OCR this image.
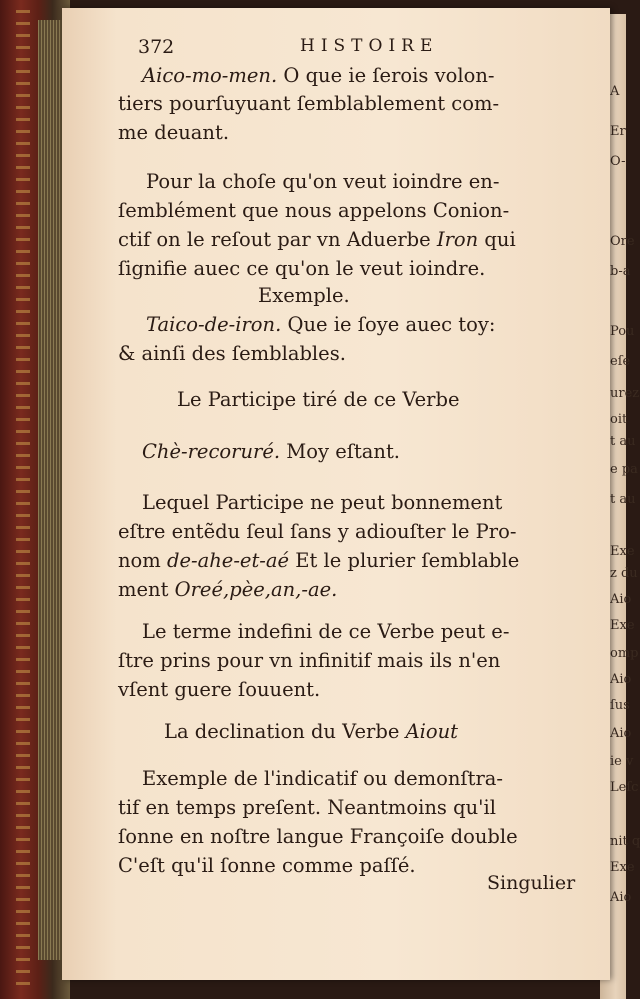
A
Er
O-
Ore
b-a
Pou
eſe
urez
oit
t au
e pa
t au
Exe
z du
Aio
Exe
omp
Aio
ſus
Aio
ie v
Leſc
nit q
Exe
Aio
372	HISTOIRE
Aico-mo-men. O que ie ſerois volon-
tiers pourſuyuant ſemblablement com-
me deuant.
Pour la choſe qu'on veut ioindre en-
ſemblément que nous appelons Conion-
ctif on le reſout par vn Aduerbe Iron qui
ſignifie auec ce qu'on le veut ioindre.
Exemple.
Taico-de-iron. Que ie ſoye auec toy:
& ainſi des ſemblables.
Le Participe tiré de ce Verbe
Chè-recoruré. Moy eſtant.
Lequel Participe ne peut bonnement
eſtre entẽdu ſeul ſans y adiouſter le Pro-
nom de-ahe-et-aé Et le plurier ſemblable
ment Oreé,pèe,an,-ae.
Le terme indefini de ce Verbe peut e-
ſtre prins pour vn infinitif mais ils n'en
vſent guere ſouuent.
La declination du Verbe Aiout
Exemple de l'indicatif ou demonſtra-
tif en temps preſent. Neantmoins qu'il
ſonne en noſtre langue Françoiſe double
C'eſt qu'il ſonne comme paſſé.
Singulier
